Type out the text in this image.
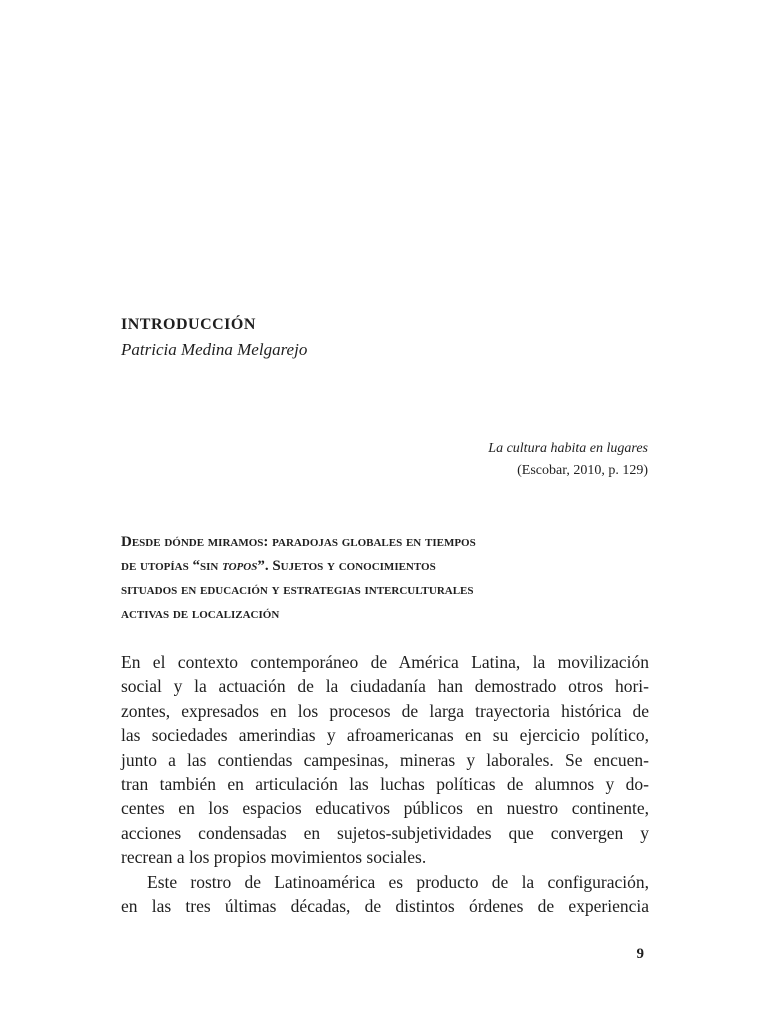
INTRODUCCIÓN
Patricia Medina Melgarejo
La cultura habita en lugares
(Escobar, 2010, p. 129)
Desde dónde miramos: paradojas globales en tiempos
de utopías “sin topos”. Sujetos y conocimientos
situados en educación y estrategias interculturales
activas de localización
En el contexto contemporáneo de América Latina, la movilización
social y la actuación de la ciudadanía han demostrado otros hori-
zontes, expresados en los procesos de larga trayectoria histórica de
las sociedades amerindias y afroamericanas en su ejercicio político,
junto a las contiendas campesinas, mineras y laborales. Se encuen-
tran también en articulación las luchas políticas de alumnos y do-
centes en los espacios educativos públicos en nuestro continente,
acciones condensadas en sujetos-subjetividades que convergen y
recrean a los propios movimientos sociales.
Este rostro de Latinoamérica es producto de la configuración,
en las tres últimas décadas, de distintos órdenes de experiencia
9
